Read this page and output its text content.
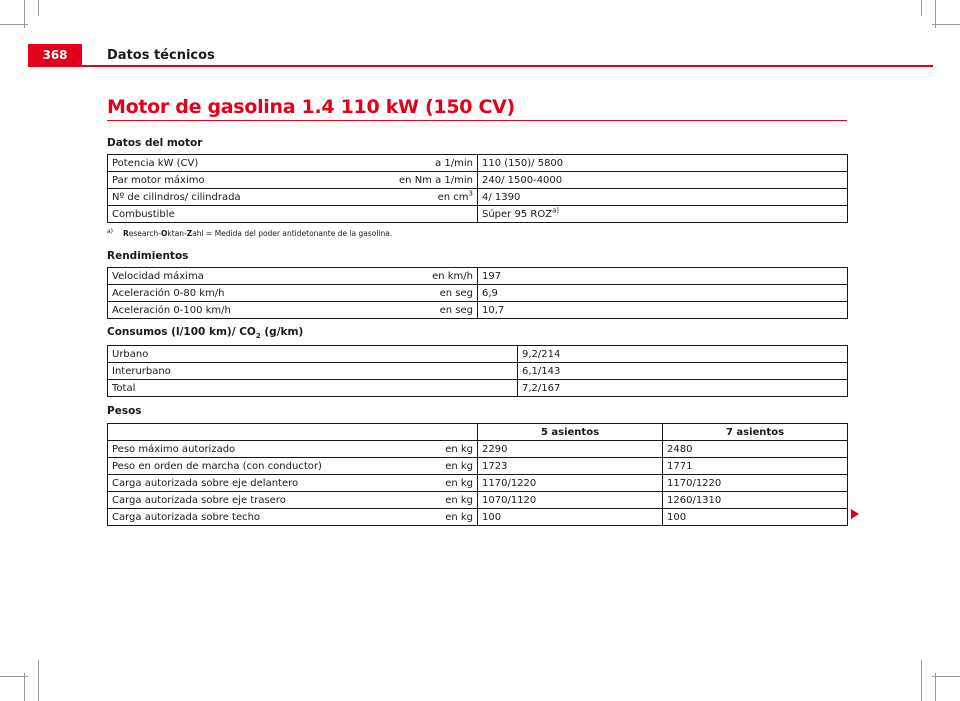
368	Datos técnicos
Motor de gasolina 1.4 110 kW (150 CV)
Datos del motor
Potencia kW (CV)	a 1/min	110 (150)/ 5800
Par motor máximo	en Nm a 1/min	240/ 1500-4000
Nº de cilindros/ cilindrada	en $cm^3$	4/ 1390
Combustible		Súper 95 ROZ$^{a)}$
a) Research-Oktan-Zahl = Medida del poder antidetonante de la gasolina.
Rendimientos
Velocidad máxima	en km/h	197
Aceleración 0-80 km/h	en seg	6,9
Aceleración 0-100 km/h	en seg	10,7
Consumos (l/100 km)/ $CO_2$ (g/km)
Urbano	9,2/214
Interurbano	6,1/143
Total	7,2/167
Pesos
		5 asientos	7 asientos
Peso máximo autorizado	en kg	2290	2480
Peso en orden de marcha (con conductor)	en kg	1723	1771
Carga autorizada sobre eje delantero	en kg	1170/1220	1170/1220
Carga autorizada sobre eje trasero	en kg	1070/1120	1260/1310
Carga autorizada sobre techo	en kg	100	100
